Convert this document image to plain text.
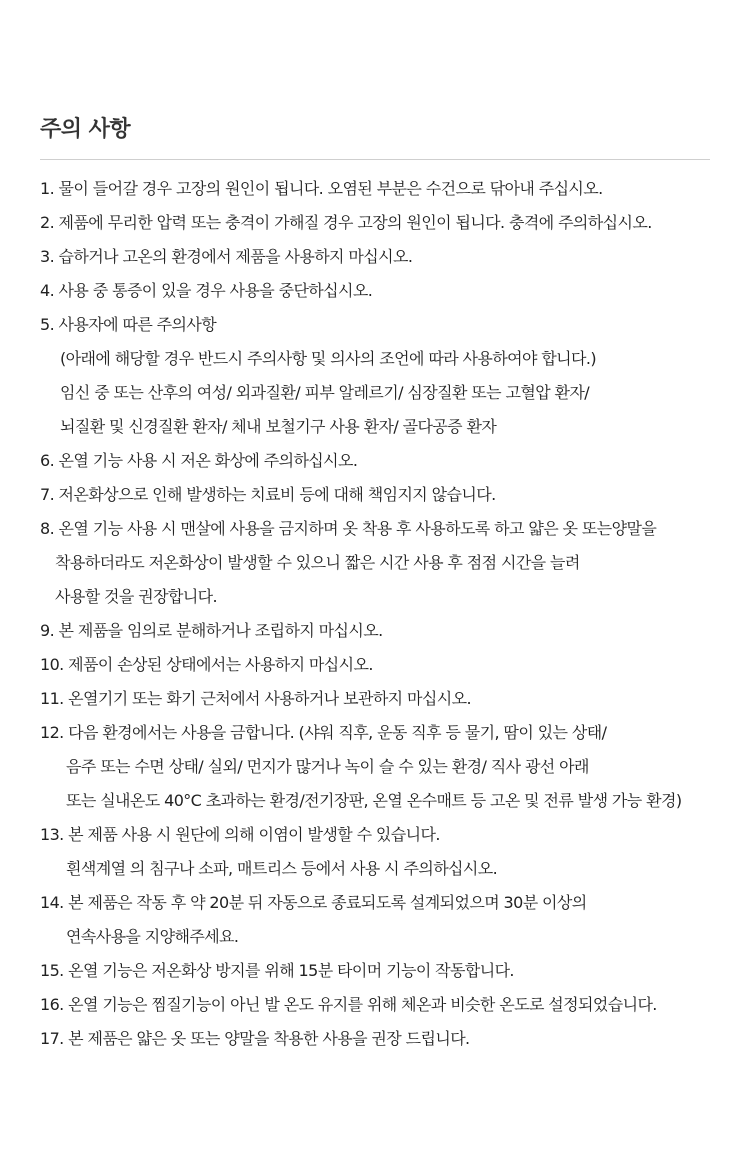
주의 사항
1. 물이 들어갈 경우 고장의 원인이 됩니다. 오염된 부분은 수건으로 닦아내 주십시오.
2. 제품에 무리한 압력 또는 충격이 가해질 경우 고장의 원인이 됩니다. 충격에 주의하십시오.
3. 습하거나 고온의 환경에서 제품을 사용하지 마십시오.
4. 사용 중 통증이 있을 경우 사용을 중단하십시오.
5. 사용자에 따른 주의사항
(아래에 해당할 경우 반드시 주의사항 및 의사의 조언에 따라 사용하여야 합니다.)
임신 중 또는 산후의 여성/ 외과질환/ 피부 알레르기/ 심장질환 또는 고혈압 환자/
뇌질환 및 신경질환 환자/ 체내 보철기구 사용 환자/ 골다공증 환자
6. 온열 기능 사용 시 저온 화상에 주의하십시오.
7. 저온화상으로 인해 발생하는 치료비 등에 대해 책임지지 않습니다.
8. 온열 기능 사용 시 맨살에 사용을 금지하며 옷 착용 후 사용하도록 하고 얇은 옷 또는양말을
착용하더라도 저온화상이 발생할 수 있으니 짧은 시간 사용 후 점점 시간을 늘려
사용할 것을 권장합니다.
9. 본 제품을 임의로 분해하거나 조립하지 마십시오.
10. 제품이 손상된 상태에서는 사용하지 마십시오.
11. 온열기기 또는 화기 근처에서 사용하거나 보관하지 마십시오.
12. 다음 환경에서는 사용을 금합니다. (샤워 직후, 운동 직후 등 물기, 땀이 있는 상태/
음주 또는 수면 상태/ 실외/ 먼지가 많거나 녹이 슬 수 있는 환경/ 직사 광선 아래
또는 실내온도 40°C 초과하는 환경/전기장판, 온열 온수매트 등 고온 및 전류 발생 가능 환경)
13. 본 제품 사용 시 원단에 의해 이염이 발생할 수 있습니다.
흰색계열 의 침구나 소파, 매트리스 등에서 사용 시 주의하십시오.
14. 본 제품은 작동 후 약 20분 뒤 자동으로 종료되도록 설계되었으며 30분 이상의
연속사용을 지양해주세요.
15. 온열 기능은 저온화상 방지를 위해 15분 타이머 기능이 작동합니다.
16. 온열 기능은 찜질기능이 아닌 발 온도 유지를 위해 체온과 비슷한 온도로 설정되었습니다.
17. 본 제품은 얇은 옷 또는 양말을 착용한 사용을 권장 드립니다.
